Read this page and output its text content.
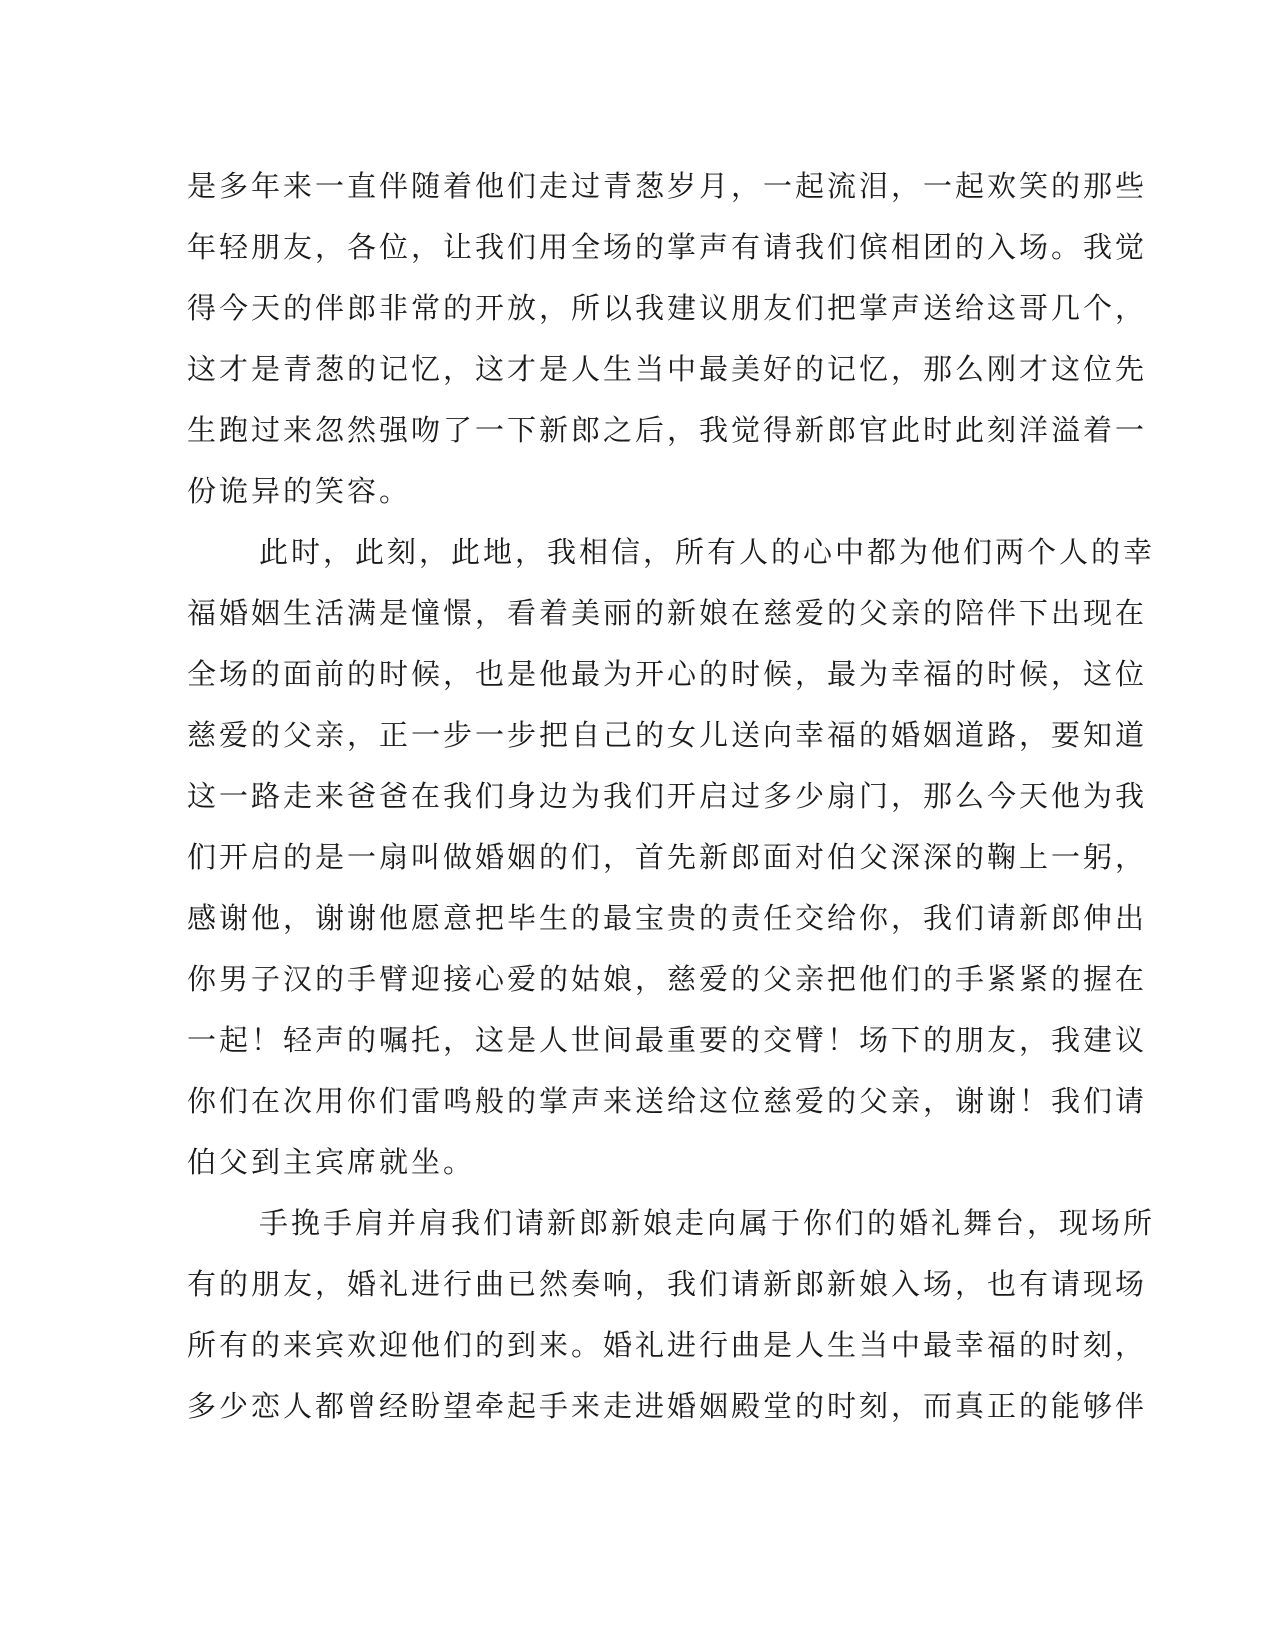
是多年来一直伴随着他们走过青葱岁月，一起流泪，一起欢笑的那些
年轻朋友，各位，让我们用全场的掌声有请我们傧相团的入场。我觉
得今天的伴郎非常的开放，所以我建议朋友们把掌声送给这哥几个，
这才是青葱的记忆，这才是人生当中最美好的记忆，那么刚才这位先
生跑过来忽然强吻了一下新郎之后，我觉得新郎官此时此刻洋溢着一
份诡异的笑容。
此时，此刻，此地，我相信，所有人的心中都为他们两个人的幸
福婚姻生活满是憧憬，看着美丽的新娘在慈爱的父亲的陪伴下出现在
全场的面前的时候，也是他最为开心的时候，最为幸福的时候，这位
慈爱的父亲，正一步一步把自己的女儿送向幸福的婚姻道路，要知道
这一路走来爸爸在我们身边为我们开启过多少扇门，那么今天他为我
们开启的是一扇叫做婚姻的们，首先新郎面对伯父深深的鞠上一躬，
感谢他，谢谢他愿意把毕生的最宝贵的责任交给你，我们请新郎伸出
你男子汉的手臂迎接心爱的姑娘，慈爱的父亲把他们的手紧紧的握在
一起！轻声的嘱托，这是人世间最重要的交臂！场下的朋友，我建议
你们在次用你们雷鸣般的掌声来送给这位慈爱的父亲，谢谢！我们请
伯父到主宾席就坐。
手挽手肩并肩我们请新郎新娘走向属于你们的婚礼舞台，现场所
有的朋友，婚礼进行曲已然奏响，我们请新郎新娘入场，也有请现场
所有的来宾欢迎他们的到来。婚礼进行曲是人生当中最幸福的时刻，
多少恋人都曾经盼望牵起手来走进婚姻殿堂的时刻，而真正的能够伴
